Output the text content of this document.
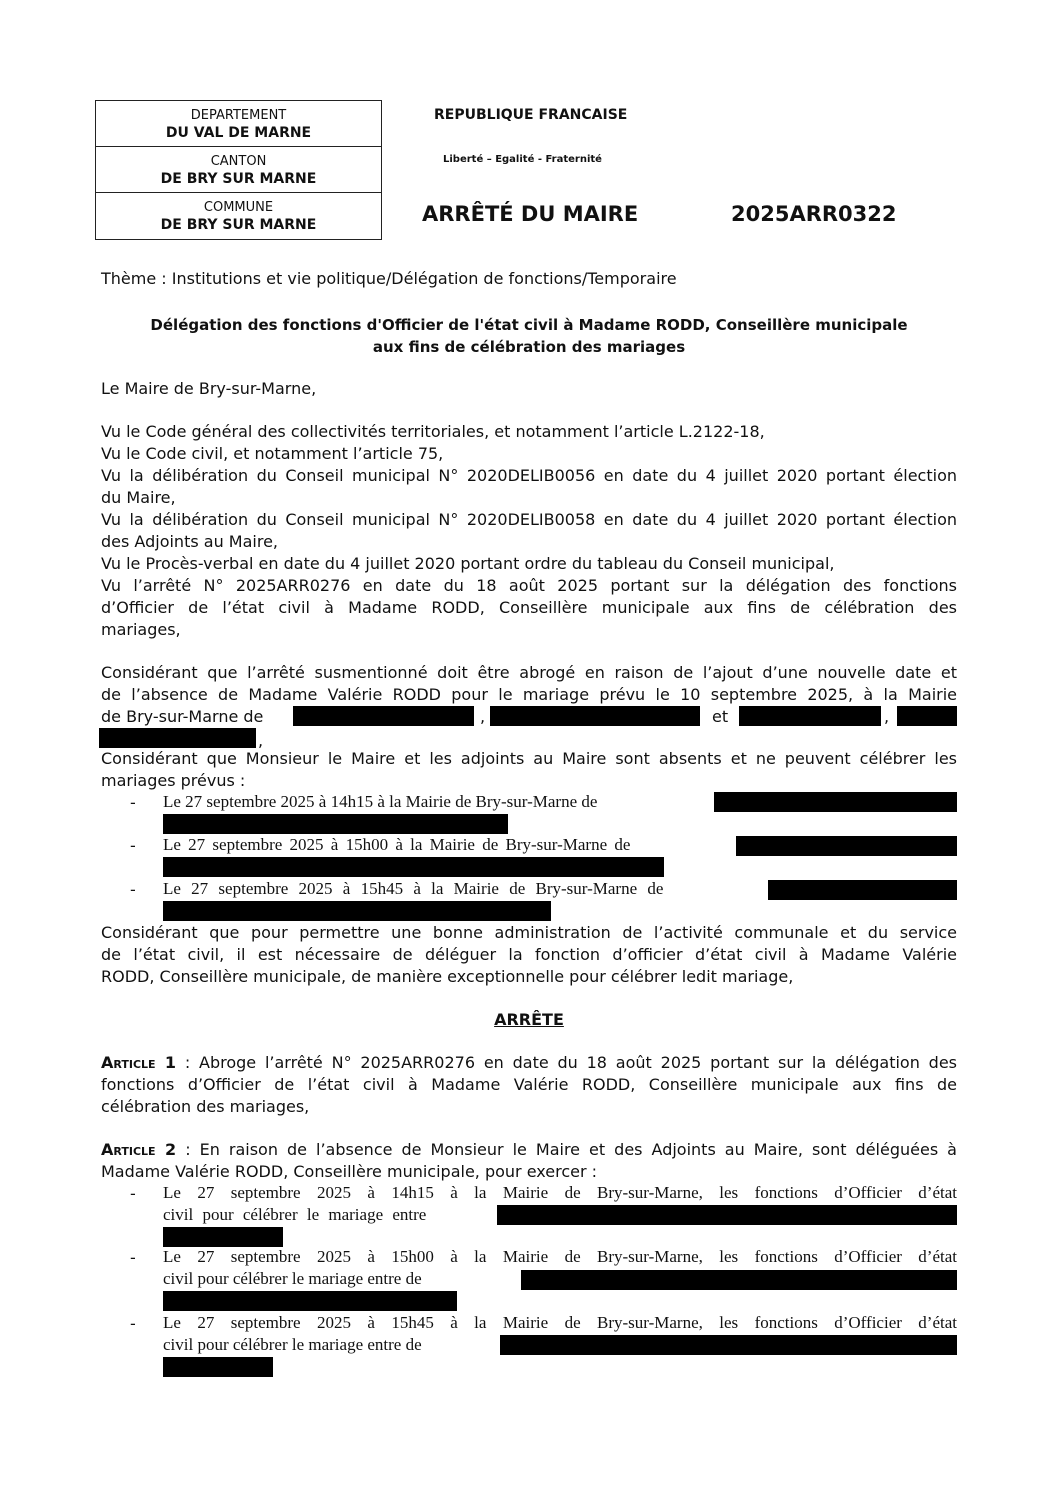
DEPARTEMENT
DU VAL DE MARNE
CANTON
DE BRY SUR MARNE
COMMUNE
DE BRY SUR MARNE
REPUBLIQUE FRANCAISE
Liberté – Egalité - Fraternité
ARRÊTÉ DU MAIRE	2025ARR0322
Thème : Institutions et vie politique/Délégation de fonctions/Temporaire
Délégation des fonctions d'Officier de l'état civil à Madame RODD, Conseillère municipale
aux fins de célébration des mariages
Le Maire de Bry-sur-Marne,
Vu le Code général des collectivités territoriales, et notamment l’article L.2122-18,
Vu le Code civil, et notamment l’article 75,
Vu la délibération du Conseil municipal N° 2020DELIB0056 en date du 4 juillet 2020 portant élection
du Maire,
Vu la délibération du Conseil municipal N° 2020DELIB0058 en date du 4 juillet 2020 portant élection
des Adjoints au Maire,
Vu le Procès-verbal en date du 4 juillet 2020 portant ordre du tableau du Conseil municipal,
Vu l’arrêté N° 2025ARR0276 en date du 18 août 2025 portant sur la délégation des fonctions
d’Officier de l’état civil à Madame RODD, Conseillère municipale aux fins de célébration des
mariages,
Considérant que l’arrêté susmentionné doit être abrogé en raison de l’ajout d’une nouvelle date et
de l’absence de Madame Valérie RODD pour le mariage prévu le 10 septembre 2025, à la Mairie
de Bry-sur-Marne de	,	et	,
,
Considérant que Monsieur le Maire et les adjoints au Maire sont absents et ne peuvent célébrer les
mariages prévus :
- Le 27 septembre 2025 à 14h15 à la Mairie de Bry-sur-Marne de
- Le 27 septembre 2025 à 15h00 à la Mairie de Bry-sur-Marne de
- Le 27 septembre 2025 à 15h45 à la Mairie de Bry-sur-Marne de
Considérant que pour permettre une bonne administration de l’activité communale et du service
de l’état civil, il est nécessaire de déléguer la fonction d’officier d’état civil à Madame Valérie
RODD, Conseillère municipale, de manière exceptionnelle pour célébrer ledit mariage,
ARRÊTE
Article 1 : Abroge l’arrêté N° 2025ARR0276 en date du 18 août 2025 portant sur la délégation des
fonctions d’Officier de l’état civil à Madame Valérie RODD, Conseillère municipale aux fins de
célébration des mariages,
Article 2 : En raison de l’absence de Monsieur le Maire et des Adjoints au Maire, sont déléguées à
Madame Valérie RODD, Conseillère municipale, pour exercer :
- Le 27 septembre 2025 à 14h15 à la Mairie de Bry-sur-Marne, les fonctions d’Officier d’état
civil pour célébrer le mariage entre
- Le 27 septembre 2025 à 15h00 à la Mairie de Bry-sur-Marne, les fonctions d’Officier d’état
civil pour célébrer le mariage entre de
- Le 27 septembre 2025 à 15h45 à la Mairie de Bry-sur-Marne, les fonctions d’Officier d’état
civil pour célébrer le mariage entre de
